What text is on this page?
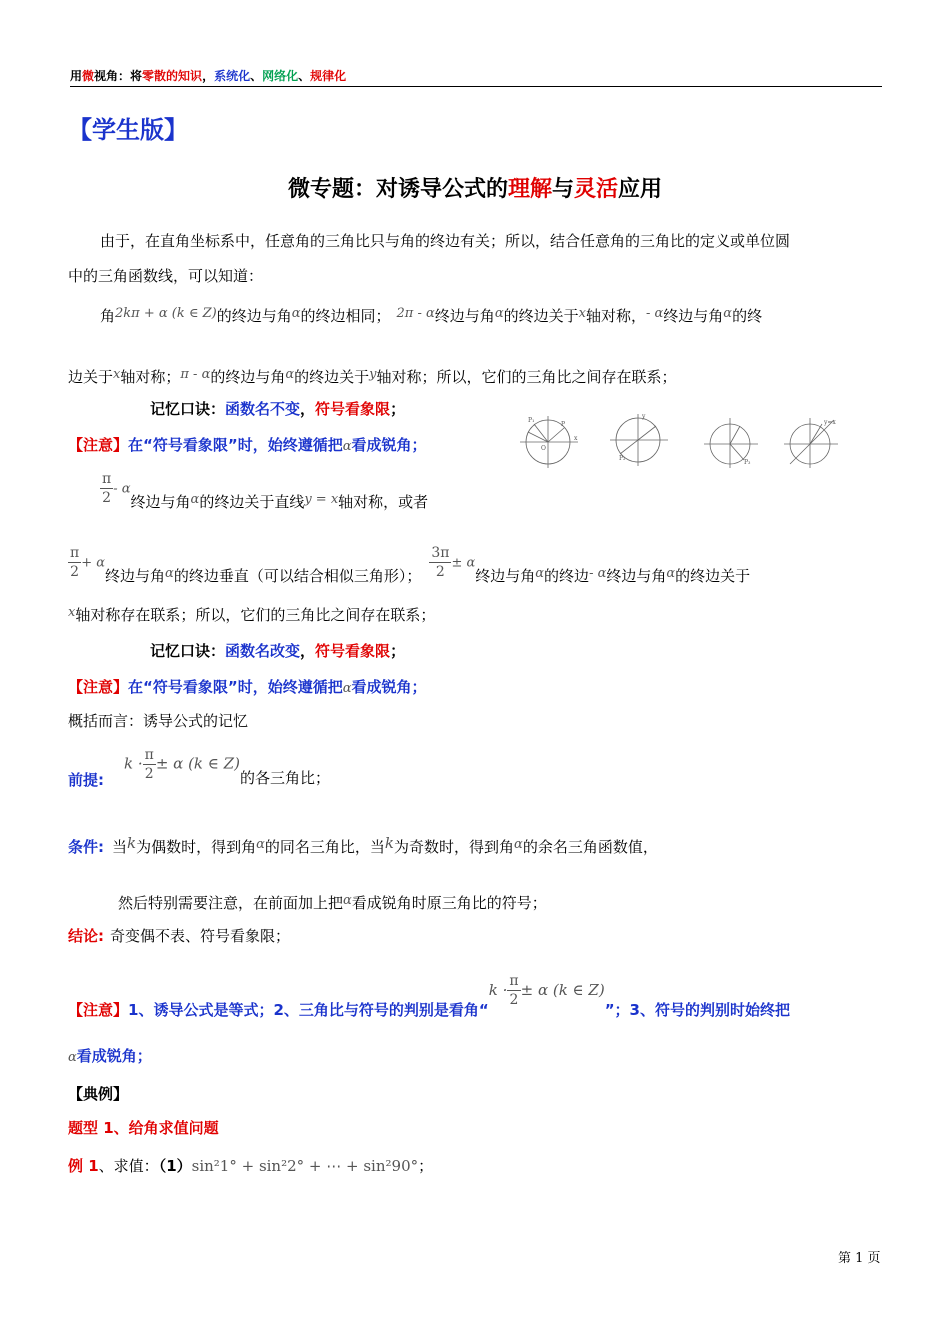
用微视角：将零散的知识，系统化、网络化、规律化
【学生版】
微专题：对诱导公式的理解与灵活应用
由于，在直角坐标系中，任意角的三角比只与角的终边有关；所以，结合任意角的三角比的定义或单位圆
中的三角函数线，可以知道：
角2kπ + α (k ∈ Z)的终边与角α的终边相同； 2π - α终边与角α的终边关于x轴对称，- α终边与角α的终
边关于x轴对称；π - α的终边与角α的终边关于y轴对称；所以，它们的三角比之间存在联系；
记忆口诀：函数名不变，符号看象限；
【注意】在“符号看象限”时，始终遵循把α看成锐角；
P
P₁
P₂
P₃
O
x
y
y=x
$\frac{\pi}{2}$ - α终边与角α的终边关于直线y = x轴对称，或者
$\frac{\pi}{2} + \alpha$终边与角α的终边垂直（可以结合相似三角形）； $\frac{3\pi}{2} \pm \alpha$终边与角α的终边- α终边与角α的终边关于
x轴对称存在联系；所以，它们的三角比之间存在联系；
记忆口诀：函数名改变，符号看象限；
【注意】在“符号看象限”时，始终遵循把α看成锐角；
概括而言：诱导公式的记忆
前提:k · $\frac{\pi}{2} \pm \alpha$ (k ∈ Z)的各三角比；
条件: 当k为偶数时，得到角α的同名三角比，当k为奇数时，得到角α的余名三角函数值，
然后特别需要注意，在前面加上把α看成锐角时原三角比的符号；
结论: 奇变偶不表、符号看象限；
【注意】1、诱导公式是等式；2、三角比与符号的判别是看角“$k \cdot \frac{\pi}{2} \pm \alpha$ (k ∈ Z)”；3、符号的判别时始终把
α看成锐角；
【典例】
题型 1、给角求值问题
例 1、求值：（1）sin²1° + sin²2° + ⋯ + sin²90°；
第 1 页
